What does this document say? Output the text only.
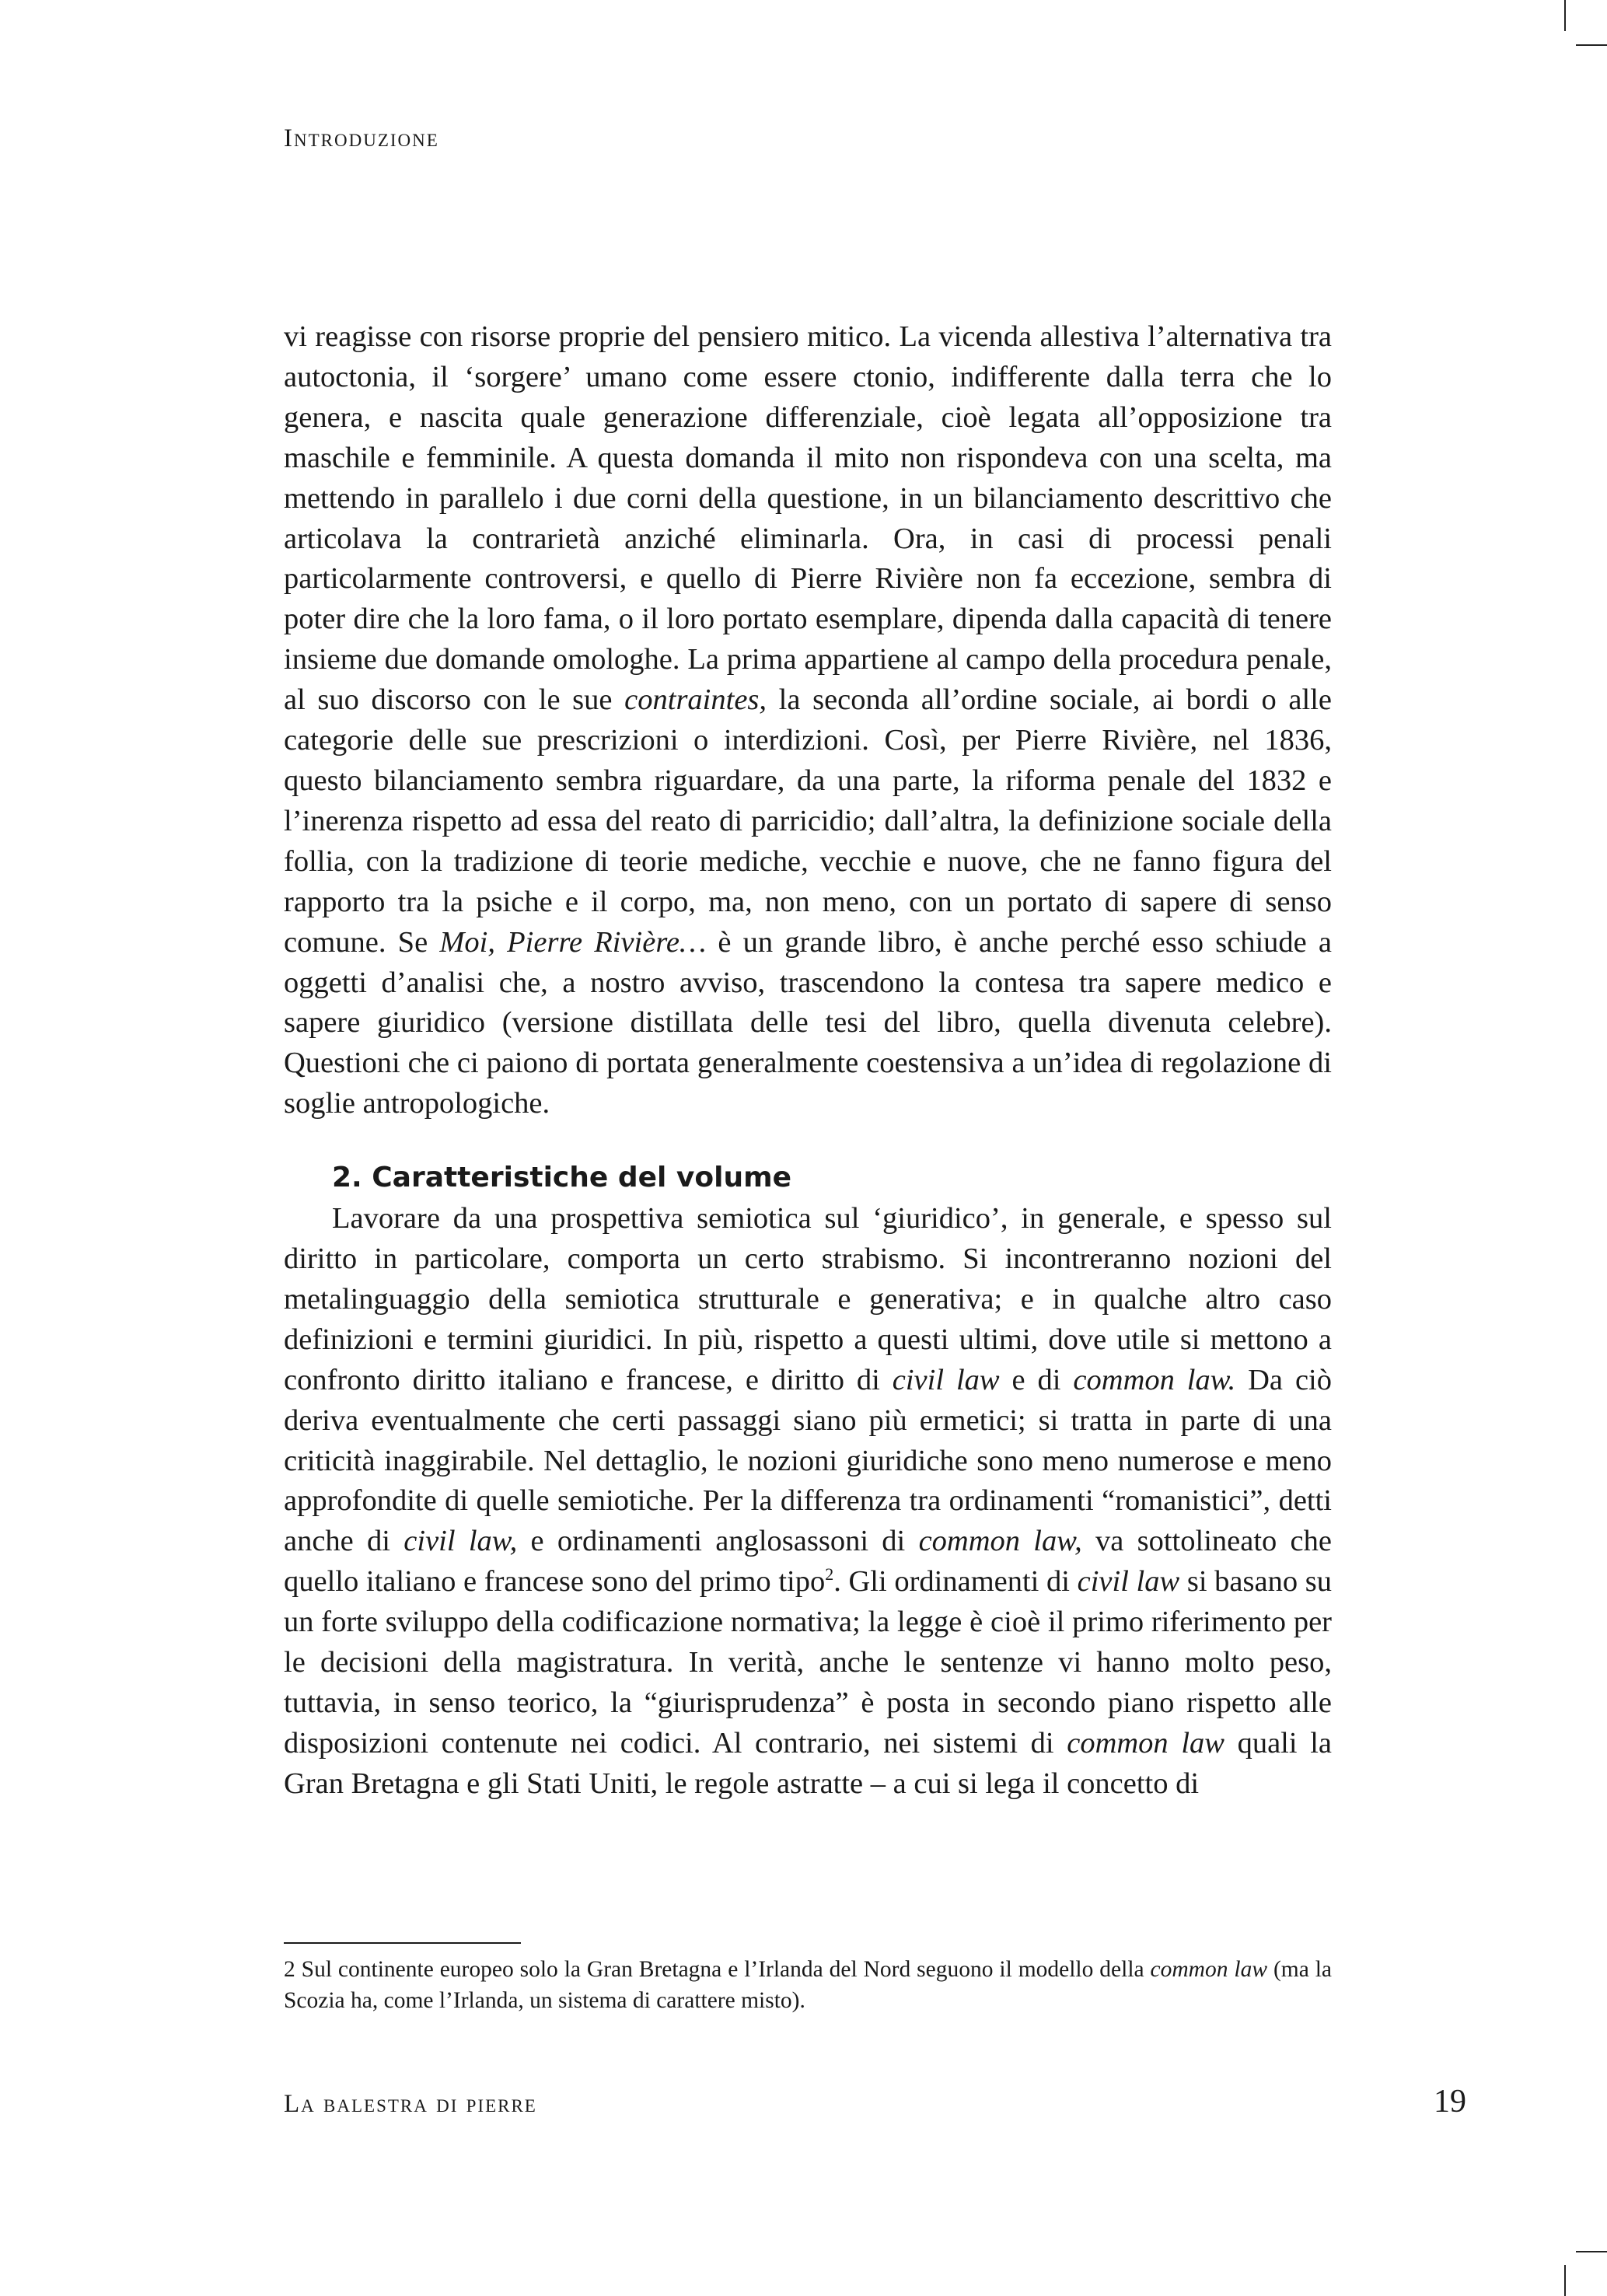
Introduzione

vi reagisse con risorse proprie del pensiero mitico. La vicenda allestiva l’alternativa tra autoctonia, il ‘sorgere’ umano come essere ctonio, indifferente dalla terra che lo genera, e nascita quale generazione differenziale, cioè legata all’opposizione tra maschile e femminile. A questa domanda il mito non rispondeva con una scelta, ma mettendo in parallelo i due corni della questione, in un bilanciamento descrittivo che articolava la contrarietà anziché eliminarla. Ora, in casi di processi penali particolarmente controversi, e quello di Pierre Rivière non fa eccezione, sembra di poter dire che la loro fama, o il loro portato esemplare, dipenda dalla capacità di tenere insieme due domande omologhe. La prima appartiene al campo della procedura penale, al suo discorso con le sue contraintes, la seconda all’ordine sociale, ai bordi o alle categorie delle sue prescrizioni o interdizioni. Così, per Pierre Rivière, nel 1836, questo bilanciamento sembra riguardare, da una parte, la riforma penale del 1832 e l’inerenza rispetto ad essa del reato di parricidio; dall’altra, la definizione sociale della follia, con la tradizione di teorie mediche, vecchie e nuove, che ne fanno figura del rapporto tra la psiche e il corpo, ma, non meno, con un portato di sapere di senso comune. Se Moi, Pierre Rivière… è un grande libro, è anche perché esso schiude a oggetti d’analisi che, a nostro avviso, trascendono la contesa tra sapere medico e sapere giuridico (versione distillata delle tesi del libro, quella divenuta celebre). Questioni che ci paiono di portata generalmente coestensiva a un’idea di regolazione di soglie antropologiche.

2. Caratteristiche del volume

Lavorare da una prospettiva semiotica sul ‘giuridico’, in generale, e spesso sul diritto in particolare, comporta un certo strabismo. Si incontreranno nozioni del metalinguaggio della semiotica strutturale e generativa; e in qualche altro caso definizioni e termini giuridici. In più, rispetto a questi ultimi, dove utile si mettono a confronto diritto italiano e francese, e diritto di civil law e di common law. Da ciò deriva eventualmente che certi passaggi siano più ermetici; si tratta in parte di una criticità inaggirabile. Nel dettaglio, le nozioni giuridiche sono meno numerose e meno approfondite di quelle semiotiche. Per la differenza tra ordinamenti “romanistici”, detti anche di civil law, e ordinamenti anglosassoni di common law, va sottolineato che quello italiano e francese sono del primo tipo$^2$. Gli ordinamenti di civil law si basano su un forte sviluppo della codificazione normativa; la legge è cioè il primo riferimento per le decisioni della magistratura. In verità, anche le sentenze vi hanno molto peso, tuttavia, in senso teorico, la “giurisprudenza” è posta in secondo piano rispetto alle disposizioni contenute nei codici. Al contrario, nei sistemi di common law quali la Gran Bretagna e gli Stati Uniti, le regole astratte – a cui si lega il concetto di

2 Sul continente europeo solo la Gran Bretagna e l’Irlanda del Nord seguono il modello della common law (ma la Scozia ha, come l’Irlanda, un sistema di carattere misto).

La balestra di pierre	19
